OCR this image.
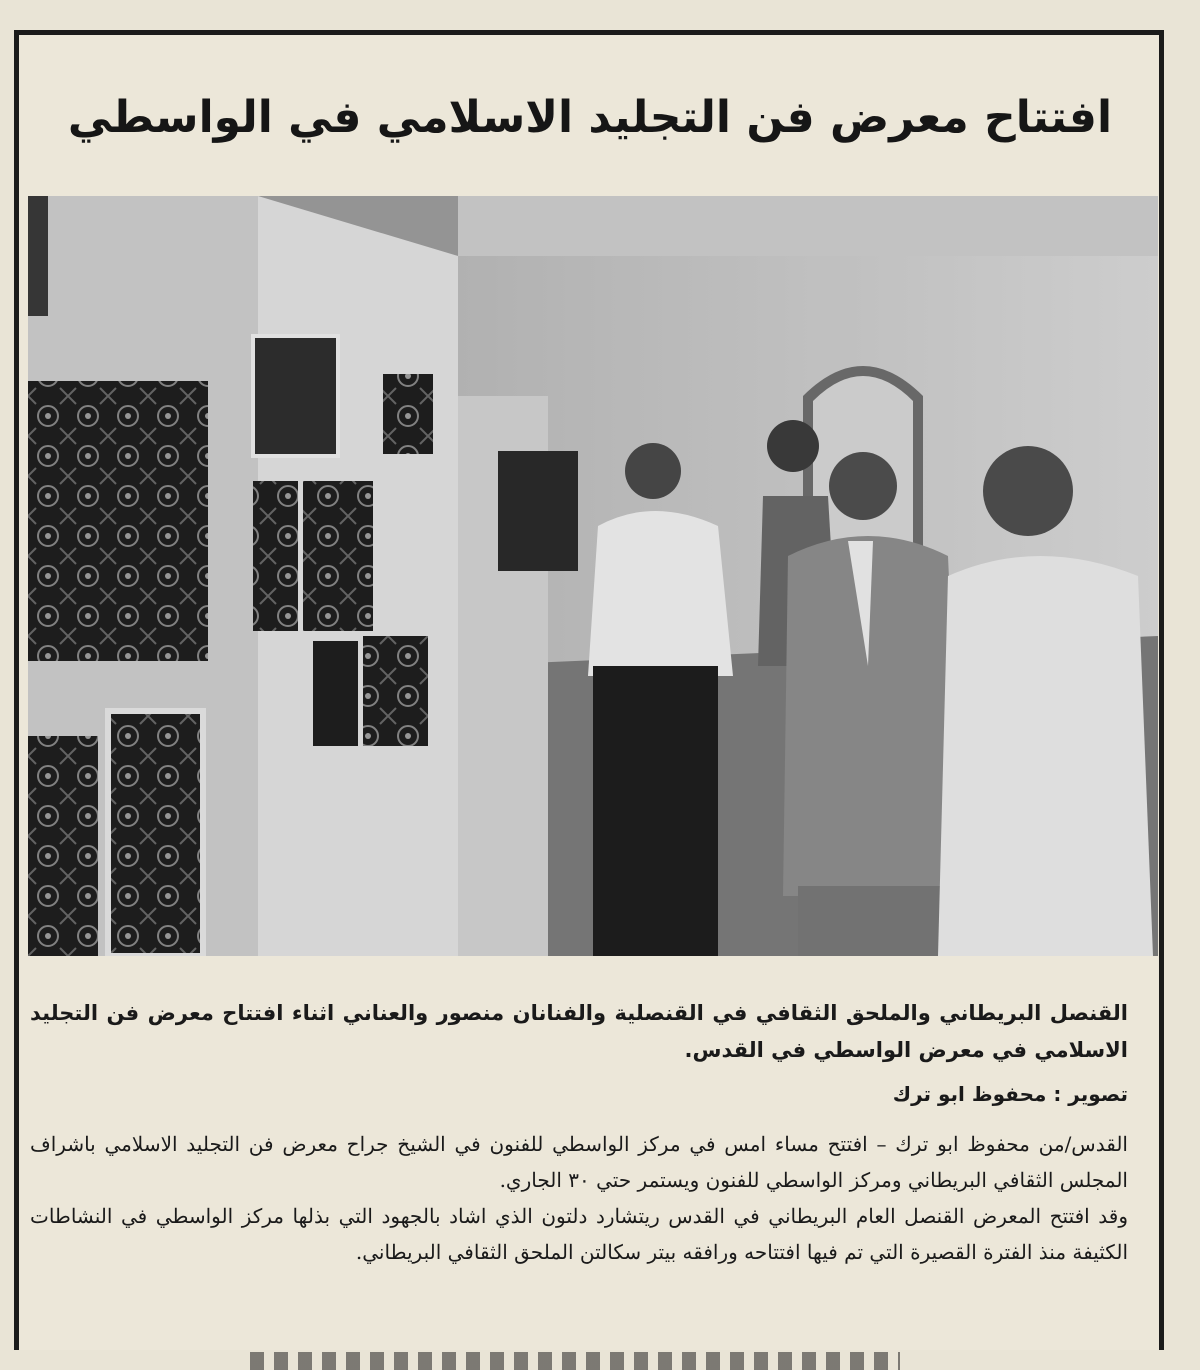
افتتاح معرض فن التجليد الاسلامي في الواسطي
القنصل البريطاني والملحق الثقافي في القنصلية والفنانان منصور والعناني اثناء افتتاح معرض فن التجليد الاسلامي في معرض الواسطي في القدس.
تصوير : محفوظ ابو ترك

القدس/من محفوظ ابو ترك – افتتح مساء امس في مركز الواسطي للفنون في الشيخ جراح معرض فن التجليد الاسلامي باشراف المجلس الثقافي البريطاني ومركز الواسطي للفنون ويستمر حتي ٣٠ الجاري.

وقد افتتح المعرض القنصل العام البريطاني في القدس ريتشارد دلتون الذي اشاد بالجهود التي بذلها مركز الواسطي في النشاطات الكثيفة منذ الفترة القصيرة التي تم فيها افتتاحه ورافقه بيتر سكالتن الملحق الثقافي البريطاني.
